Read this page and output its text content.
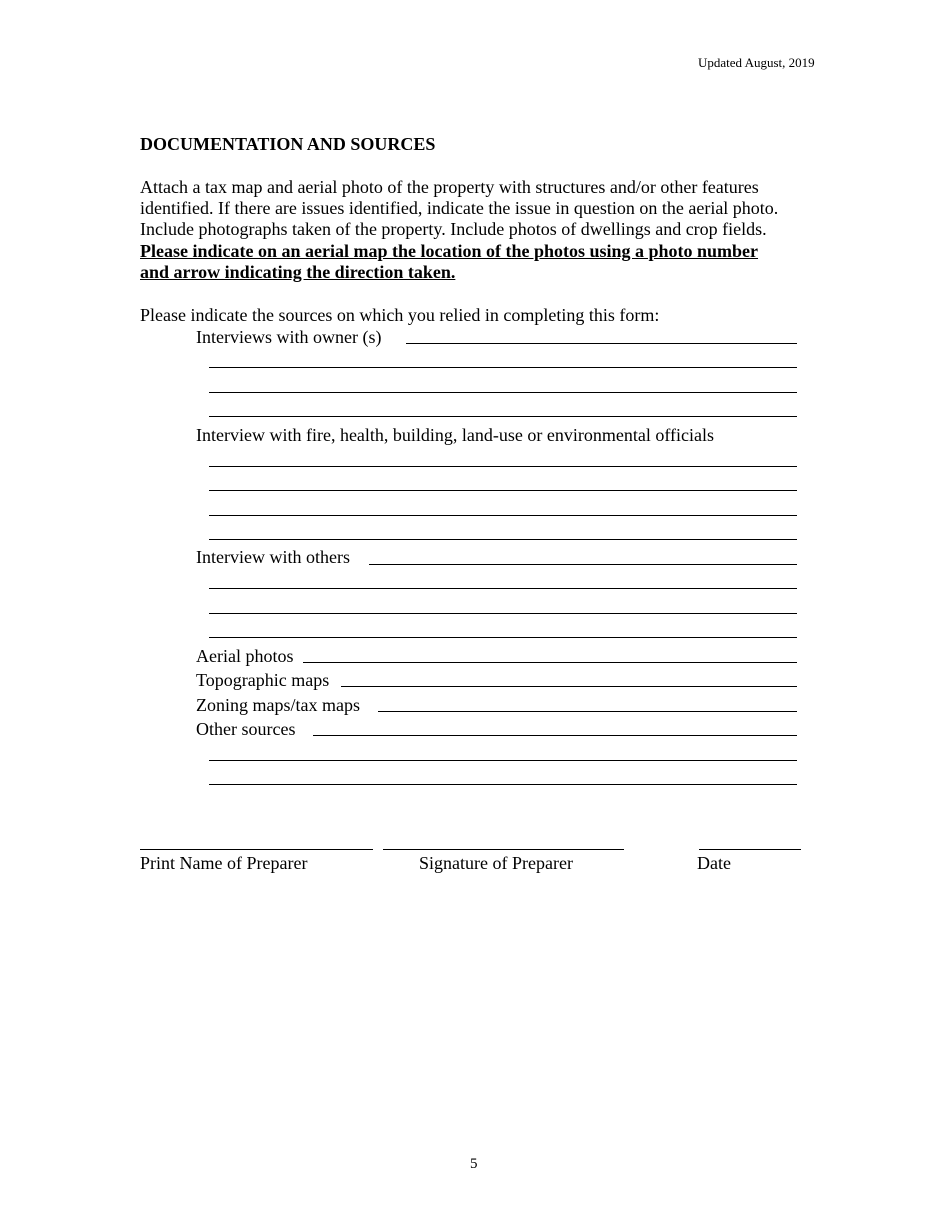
Updated August, 2019
DOCUMENTATION AND SOURCES
Attach a tax map and aerial photo of the property with structures and/or other features
identified. If there are issues identified, indicate the issue in question on the aerial photo.
Include photographs taken of the property. Include photos of dwellings and crop fields.
Please indicate on an aerial map the location of the photos using a photo number
and arrow indicating the direction taken.
Please indicate the sources on which you relied in completing this form:
Interviews with owner (s)
Interview with fire, health, building, land-use or environmental officials
Interview with others
Aerial photos
Topographic maps
Zoning maps/tax maps
Other sources
Print Name of Preparer	Signature of Preparer	Date
5
